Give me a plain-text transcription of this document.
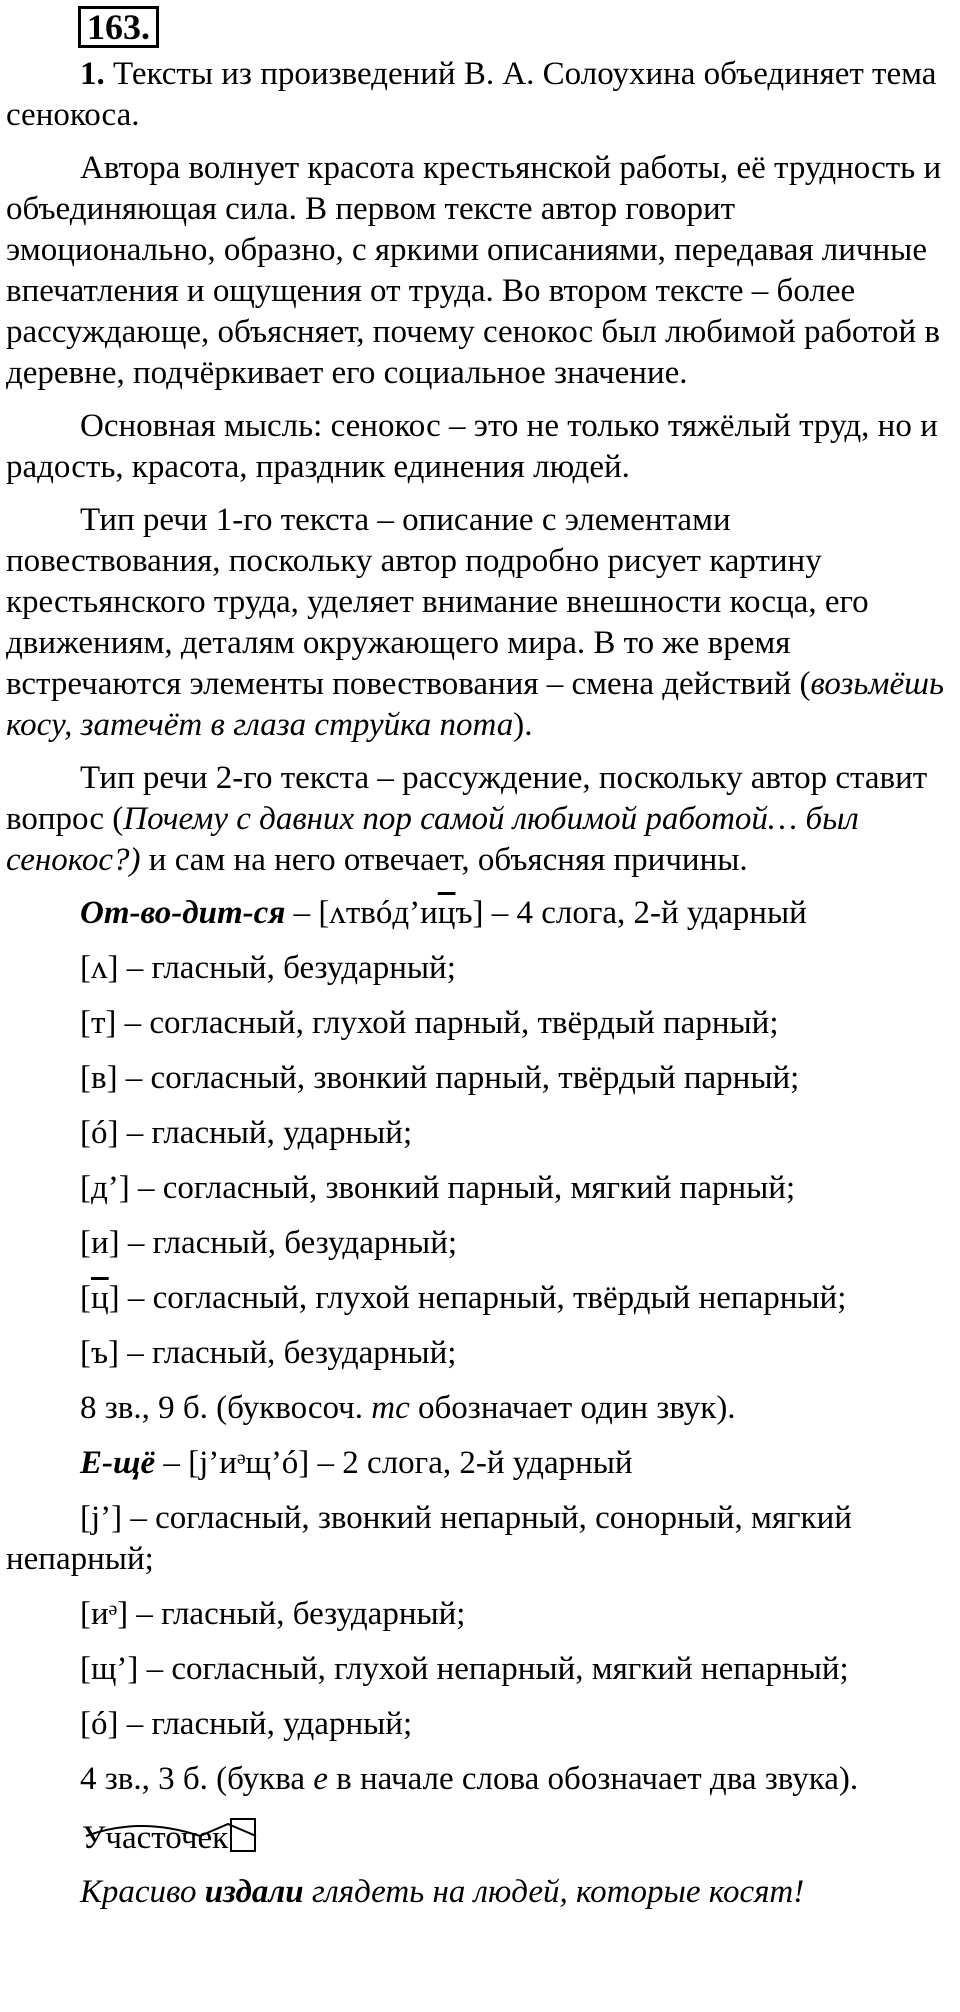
163.

1. Тексты из произведений В. А. Солоухина объединяет тема сенокоса.

Автора волнует красота крестьянской работы, её трудность и объединяющая сила. В первом тексте автор говорит эмоционально, образно, с яркими описаниями, передавая личные впечатления и ощущения от труда. Во втором тексте – более рассуждающе, объясняет, почему сенокос был любимой работой в деревне, подчёркивает его социальное значение.

Основная мысль: сенокос – это не только тяжёлый труд, но и радость, красота, праздник единения людей.

Тип речи 1-го текста – описание с элементами повествования, поскольку автор подробно рисует картину крестьянского труда, уделяет внимание внешности косца, его движениям, деталям окружающего мира. В то же время встречаются элементы повествования – смена действий (возьмёшь косу, затечёт в глаза струйка пота).

Тип речи 2-го текста – рассуждение, поскольку автор ставит вопрос (Почему с давних пор самой любимой работой… был сенокос?) и сам на него отвечает, объясняя причины.

От-во-дит-ся – [ʌтвóд’ицъ] – 4 слога, 2-й ударный
[ʌ] – гласный, безударный;
[т] – согласный, глухой парный, твёрдый парный;
[в] – согласный, звонкий парный, твёрдый парный;
[ó] – гласный, ударный;
[д’] – согласный, звонкий парный, мягкий парный;
[и] – гласный, безударный;
[ц] – согласный, глухой непарный, твёрдый непарный;
[ъ] – гласный, безударный;
8 зв., 9 б. (буквосоч. тс обозначает один звук).
Е-щё – [j’иᵊщ’ó] – 2 слога, 2-й ударный
[j’] – согласный, звонкий непарный, сонорный, мягкий непарный;
[иᵊ] – гласный, безударный;
[щ’] – согласный, глухой непарный, мягкий непарный;
[ó] – гласный, ударный;
4 зв., 3 б. (буква е в начале слова обозначает два звука).
Участочек
Красиво издали глядеть на людей, которые косят!
